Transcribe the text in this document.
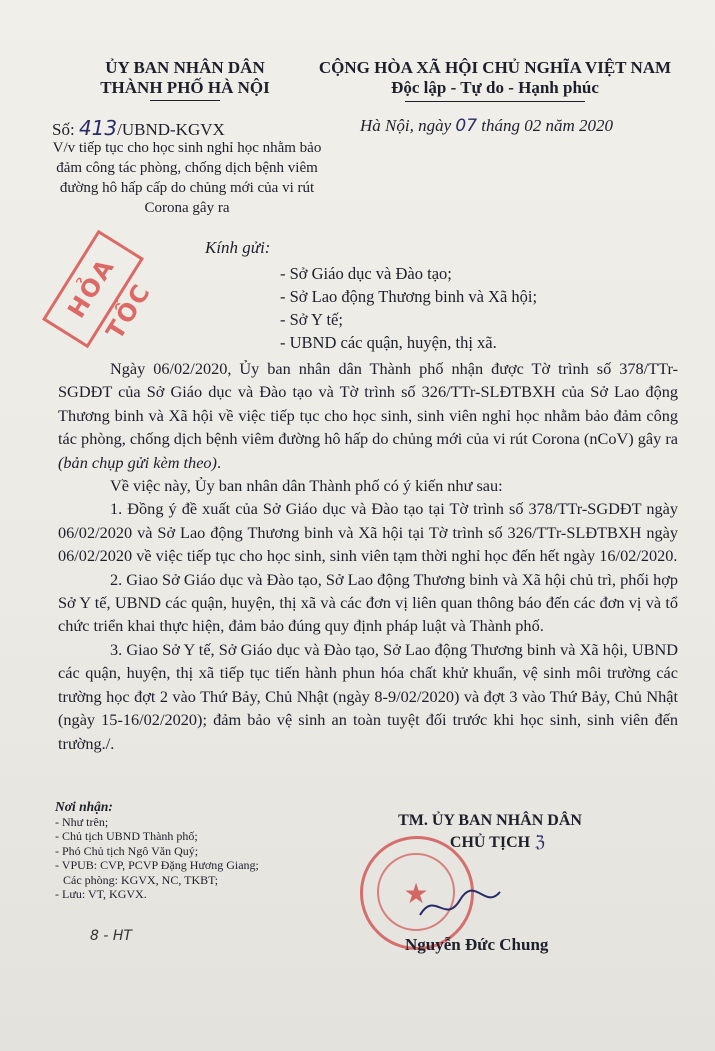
ỦY BAN NHÂN DÂN
THÀNH PHỐ HÀ NỘI
CỘNG HÒA XÃ HỘI CHỦ NGHĨA VIỆT NAM
Độc lập - Tự do - Hạnh phúc
Số: 413/UBND-KGVX	Hà Nội, ngày 07 tháng 02 năm 2020
V/v tiếp tục cho học sinh nghỉ học nhằm bảo đảm công tác phòng, chống dịch bệnh viêm đường hô hấp cấp do chủng mới của vi rút Corona gây ra
HỎA TỐC
Kính gửi:
- Sở Giáo dục và Đào tạo;
- Sở Lao động Thương binh và Xã hội;
- Sở Y tế;
- UBND các quận, huyện, thị xã.

Ngày 06/02/2020, Ủy ban nhân dân Thành phố nhận được Tờ trình số 378/TTr-SGDĐT của Sở Giáo dục và Đào tạo và Tờ trình số 326/TTr-SLĐTBXH của Sở Lao động Thương binh và Xã hội về việc tiếp tục cho học sinh, sinh viên nghỉ học nhằm bảo đảm công tác phòng, chống dịch bệnh viêm đường hô hấp do chủng mới của vi rút Corona (nCoV) gây ra (bản chụp gửi kèm theo).

Về việc này, Ủy ban nhân dân Thành phố có ý kiến như sau:

1. Đồng ý đề xuất của Sở Giáo dục và Đào tạo tại Tờ trình số 378/TTr-SGDĐT ngày 06/02/2020 và Sở Lao động Thương binh và Xã hội tại Tờ trình số 326/TTr-SLĐTBXH ngày 06/02/2020 về việc tiếp tục cho học sinh, sinh viên tạm thời nghỉ học đến hết ngày 16/02/2020.

2. Giao Sở Giáo dục và Đào tạo, Sở Lao động Thương binh và Xã hội chủ trì, phối hợp Sở Y tế, UBND các quận, huyện, thị xã và các đơn vị liên quan thông báo đến các đơn vị và tổ chức triển khai thực hiện, đảm bảo đúng quy định pháp luật và Thành phố.

3. Giao Sở Y tế, Sở Giáo dục và Đào tạo, Sở Lao động Thương binh và Xã hội, UBND các quận, huyện, thị xã tiếp tục tiến hành phun hóa chất khử khuẩn, vệ sinh môi trường các trường học đợt 2 vào Thứ Bảy, Chủ Nhật (ngày 8-9/02/2020) và đợt 3 vào Thứ Bảy, Chủ Nhật (ngày 15-16/02/2020); đảm bảo vệ sinh an toàn tuyệt đối trước khi học sinh, sinh viên đến trường./.

Nơi nhận:
- Như trên;
- Chủ tịch UBND Thành phố;
- Phó Chủ tịch Ngô Văn Quý;
- VPUB: CVP, PCVP Đặng Hương Giang;
Các phòng: KGVX, NC, TKBT;
- Lưu: VT, KGVX.
8 - HT
★
TM. ỦY BAN NHÂN DÂN
CHỦ TỊCH ℨ
Nguyễn Đức Chung
